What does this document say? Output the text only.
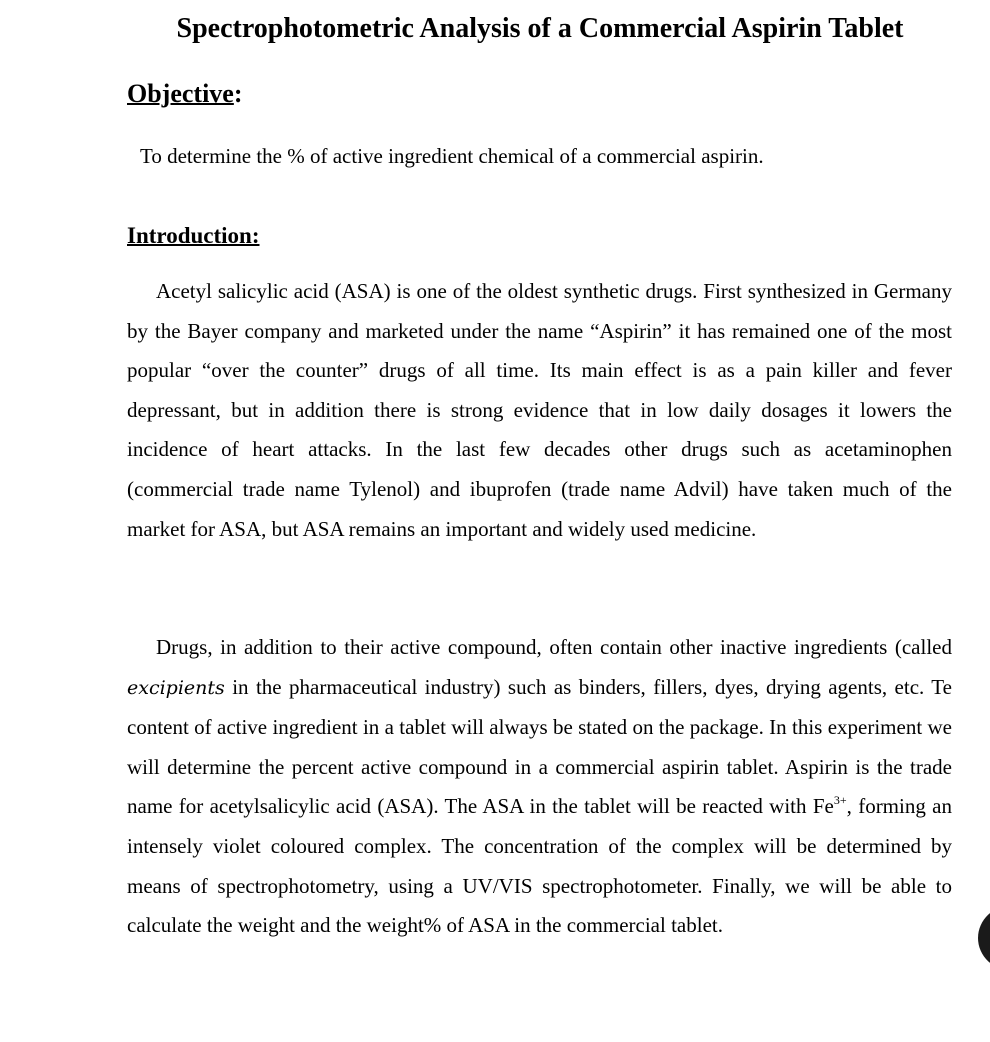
Spectrophotometric Analysis of a Commercial Aspirin Tablet
Objective:
To determine the % of active ingredient chemical of a commercial aspirin.
Introduction:

Acetyl salicylic acid (ASA) is one of the oldest synthetic drugs. First synthesized in Germany by the Bayer company and marketed under the name “Aspirin” it has remained one of the most popular “over the counter” drugs of all time. Its main effect is as a pain killer and fever depressant, but in addition there is strong evidence that in low daily dosages it lowers the incidence of heart attacks. In the last few decades other drugs such as acetaminophen (commercial trade name Tylenol) and ibuprofen (trade name Advil) have taken much of the market for ASA, but ASA remains an important and widely used medicine.

Drugs, in addition to their active compound, often contain other inactive ingredients (called excipients in the pharmaceutical industry) such as binders, fillers, dyes, drying agents, etc. Te content of active ingredient in a tablet will always be stated on the package. In this experiment we will determine the percent active compound in a commercial aspirin tablet. Aspirin is the trade name for acetylsalicylic acid (ASA). The ASA in the tablet will be reacted with $Fe^{3+}$, forming an intensely violet coloured complex. The concentration of the complex will be determined by means of spectrophotometry, using a UV/VIS spectrophotometer. Finally, we will be able to calculate the weight and the weight% of ASA in the commercial tablet.
